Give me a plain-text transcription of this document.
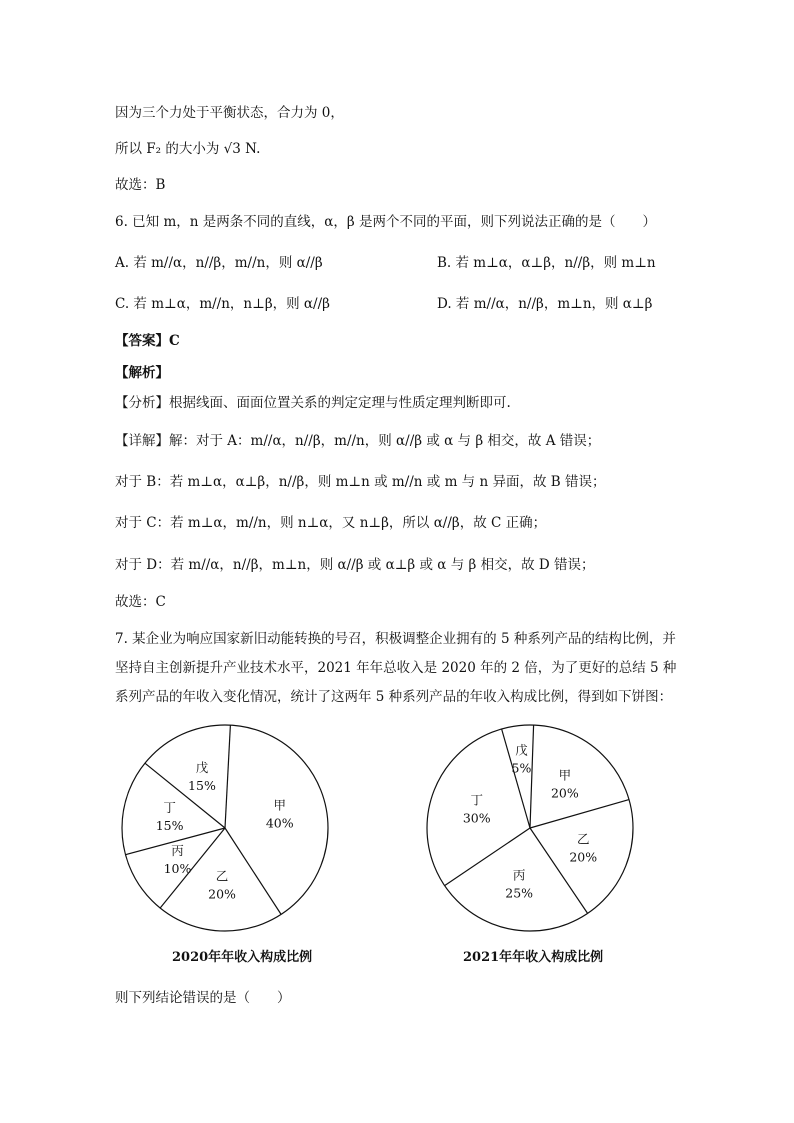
因为三个力处于平衡状态，合力为 0，
所以 F₂ 的大小为 √3 N.
故选：B
6. 已知 m，n 是两条不同的直线，α，β 是两个不同的平面，则下列说法正确的是（　　）
A. 若 m//α，n//β，m//n，则 α//β	B. 若 m⊥α，α⊥β，n//β，则 m⊥n
C. 若 m⊥α，m//n，n⊥β，则 α//β	D. 若 m//α，n//β，m⊥n，则 α⊥β
【答案】C
【解析】
【分析】根据线面、面面位置关系的判定定理与性质定理判断即可.
【详解】解：对于 A：m//α，n//β，m//n，则 α//β 或 α 与 β 相交，故 A 错误；
对于 B：若 m⊥α，α⊥β，n//β，则 m⊥n 或 m//n 或 m 与 n 异面，故 B 错误；
对于 C：若 m⊥α，m//n，则 n⊥α，又 n⊥β，所以 α//β，故 C 正确；
对于 D：若 m//α，n//β，m⊥n，则 α//β 或 α⊥β 或 α 与 β 相交，故 D 错误；
故选：C
7. 某企业为响应国家新旧动能转换的号召，积极调整企业拥有的 5 种系列产品的结构比例，并坚持自主创新提升产业技术水平，2021 年年总收入是 2020 年的 2 倍，为了更好的总结 5 种系列产品的年收入变化情况，统计了这两年 5 种系列产品的年收入构成比例，得到如下饼图：
甲
40%
乙
20%
丙
10%
丁
15%
戊
15%
甲
20%
乙
20%
丙
25%
丁
30%
戊
5%
2020年年收入构成比例	2021年年收入构成比例
则下列结论错误的是（　　）
